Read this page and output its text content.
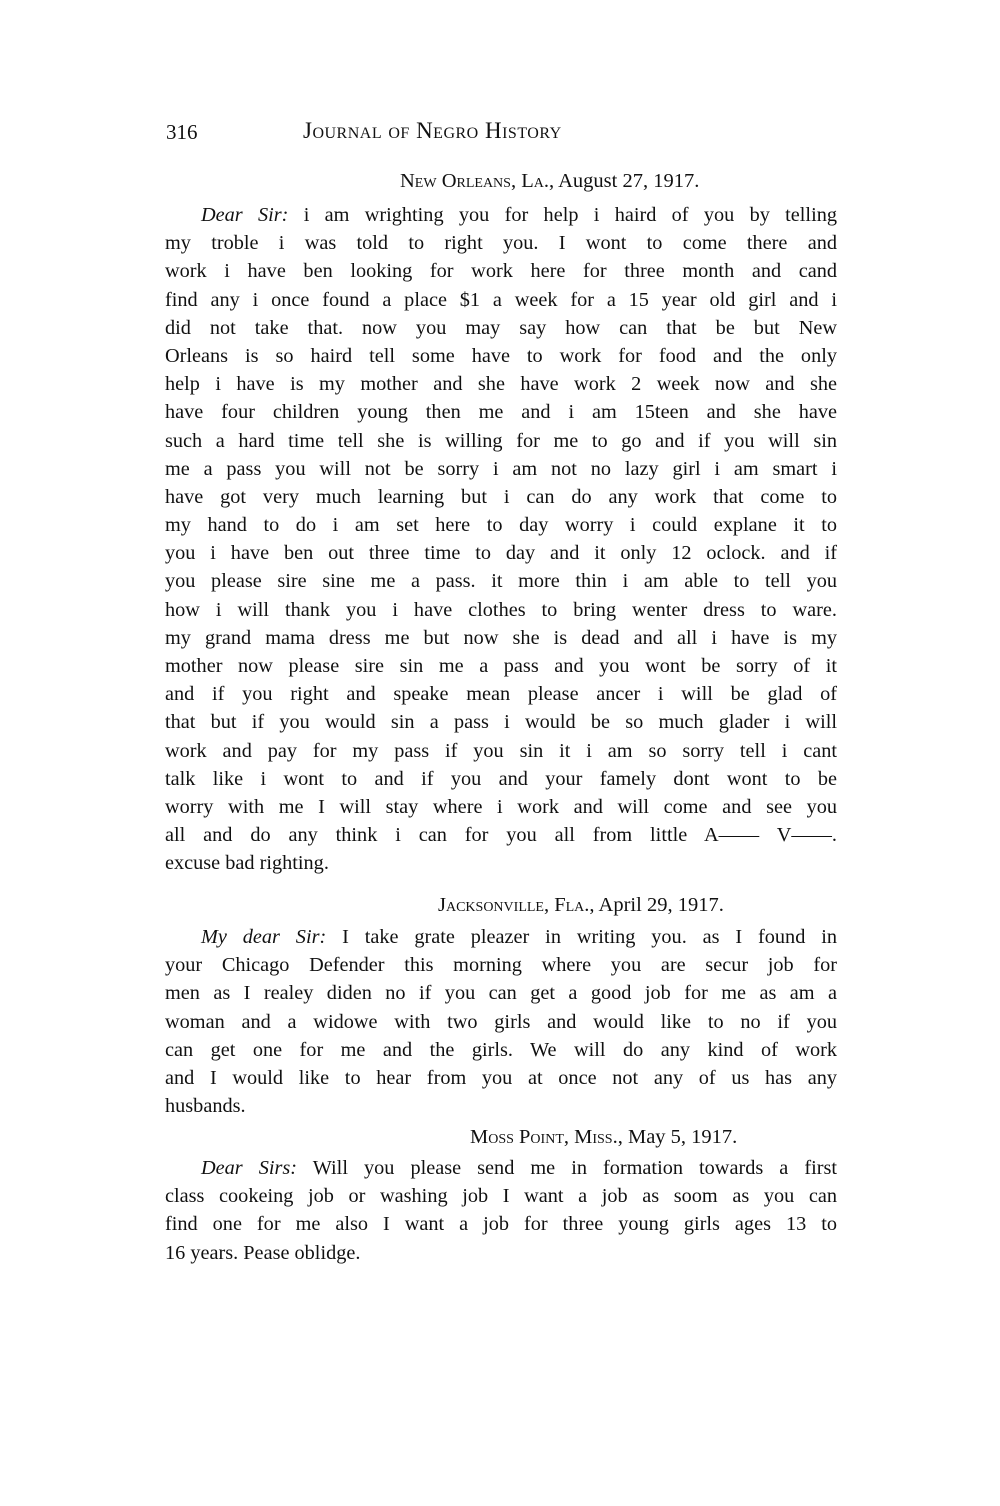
316	Journal of Negro History
New Orleans, La., August 27, 1917.
Dear Sir: i am wrighting you for help i haird of you by telling
my troble i was told to right you. I wont to come there and
work i have ben looking for work here for three month and cand
find any i once found a place $1 a week for a 15 year old girl and i
did not take that. now you may say how can that be but New
Orleans is so haird tell some have to work for food and the only
help i have is my mother and she have work 2 week now and she
have four children young then me and i am 15teen and she have
such a hard time tell she is willing for me to go and if you will sin
me a pass you will not be sorry i am not no lazy girl i am smart i
have got very much learning but i can do any work that come to
my hand to do i am set here to day worry i could explane it to
you i have ben out three time to day and it only 12 oclock. and if
you please sire sine me a pass. it more thin i am able to tell you
how i will thank you i have clothes to bring wenter dress to ware.
my grand mama dress me but now she is dead and all i have is my
mother now please sire sin me a pass and you wont be sorry of it
and if you right and speake mean please ancer i will be glad of
that but if you would sin a pass i would be so much glader i will
work and pay for my pass if you sin it i am so sorry tell i cant
talk like i wont to and if you and your famely dont wont to be
worry with me I will stay where i work and will come and see you
all and do any think i can for you all from little A—— V——.
excuse bad righting.
Jacksonville, Fla., April 29, 1917.
My dear Sir: I take grate pleazer in writing you. as I found in
your Chicago Defender this morning where you are secur job for
men as I realey diden no if you can get a good job for me as am a
woman and a widowe with two girls and would like to no if you
can get one for me and the girls. We will do any kind of work
and I would like to hear from you at once not any of us has any
husbands.
Moss Point, Miss., May 5, 1917.
Dear Sirs: Will you please send me in formation towards a first
class cookeing job or washing job I want a job as soom as you can
find one for me also I want a job for three young girls ages 13 to
16 years. Pease oblidge.
